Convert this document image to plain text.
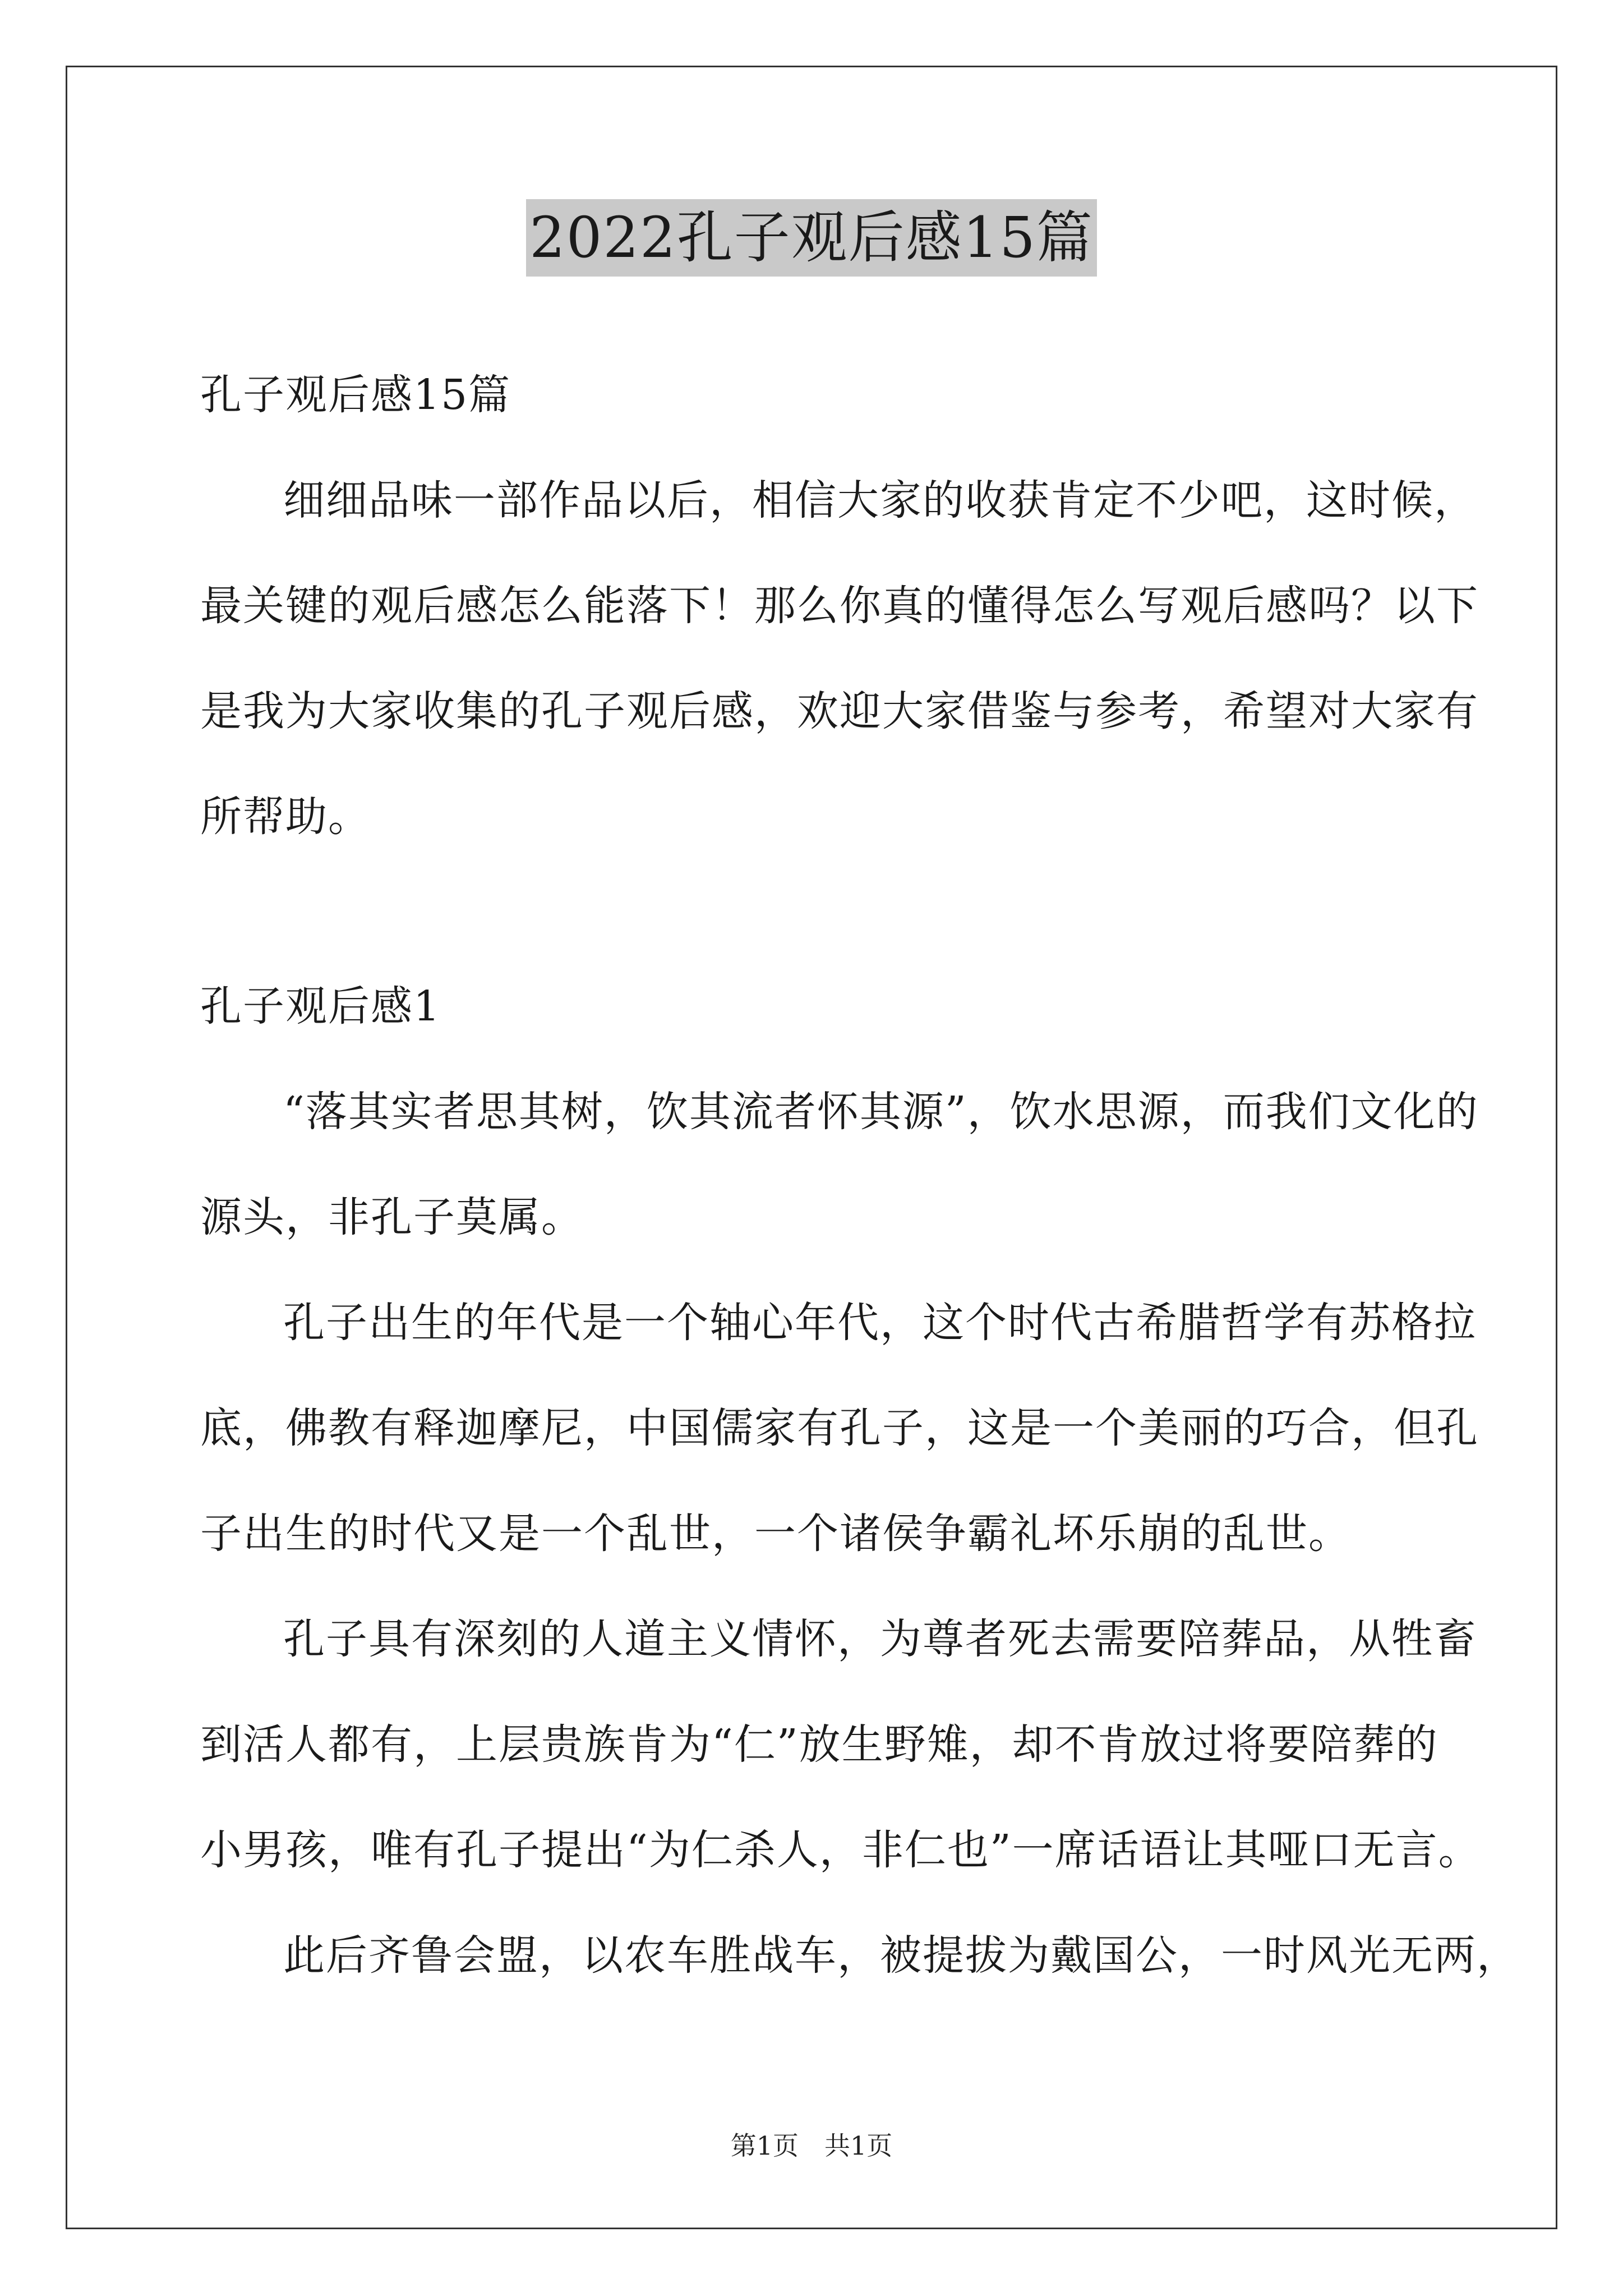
2022孔子观后感15篇

孔子观后感15篇

细细品味一部作品以后，相信大家的收获肯定不少吧，这时候，

最关键的观后感怎么能落下！那么你真的懂得怎么写观后感吗？以下

是我为大家收集的孔子观后感，欢迎大家借鉴与参考，希望对大家有

所帮助。

孔子观后感1

“落其实者思其树，饮其流者怀其源”，饮水思源，而我们文化的

源头，非孔子莫属。

孔子出生的年代是一个轴心年代，这个时代古希腊哲学有苏格拉

底，佛教有释迦摩尼，中国儒家有孔子，这是一个美丽的巧合，但孔

子出生的时代又是一个乱世，一个诸侯争霸礼坏乐崩的乱世。

孔子具有深刻的人道主义情怀，为尊者死去需要陪葬品，从牲畜

到活人都有，上层贵族肯为“仁”放生野雉，却不肯放过将要陪葬的

小男孩，唯有孔子提出“为仁杀人，非仁也”一席话语让其哑口无言。

此后齐鲁会盟，以农车胜战车，被提拔为戴国公，一时风光无两，

第1页　共1页
